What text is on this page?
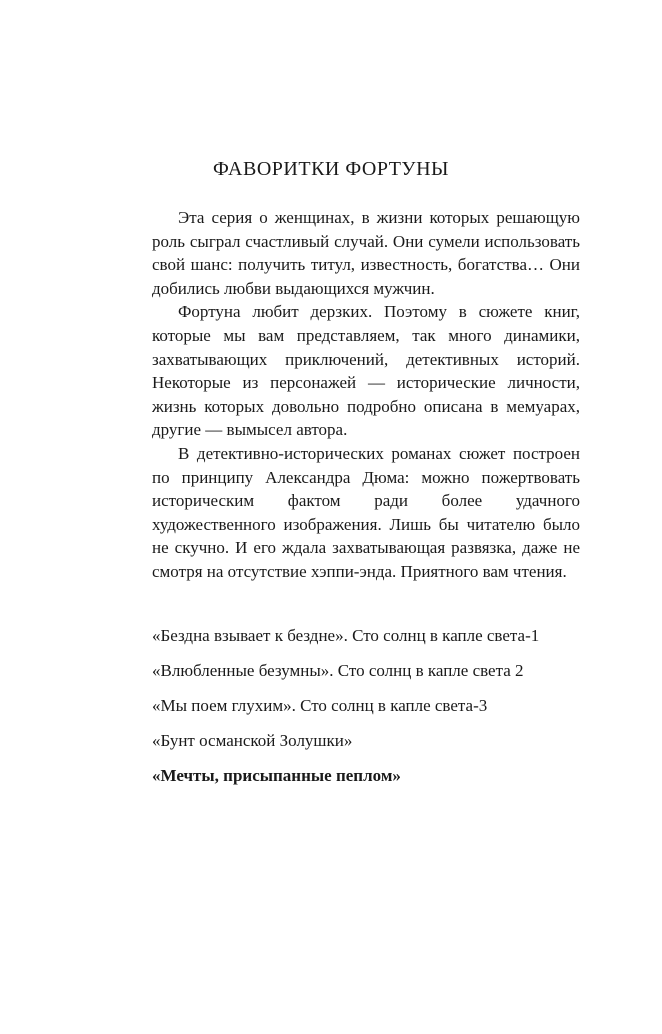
ФАВОРИТКИ ФОРТУНЫ

Эта серия о женщинах, в жизни которых решающую роль сыграл счастливый случай. Они сумели использовать свой шанс: получить титул, известность, богатства… Они добились любви выдающихся мужчин.

Фортуна любит дерзких. Поэтому в сюжете книг, которые мы вам представляем, так много динамики, захватывающих приключений, детективных историй. Некоторые из персонажей — исторические личности, жизнь которых довольно подробно описана в мемуарах, другие — вымысел автора.

В детективно-исторических романах сюжет построен по принципу Александра Дюма: можно пожертвовать историческим фактом ради более удачного художественного изображения. Лишь бы читателю было не скучно. И его ждала захватывающая развязка, даже не смотря на отсутствие хэппи-энда. Приятного вам чтения.

«Бездна взывает к бездне». Сто солнц в капле света-1
«Влюбленные безумны». Сто солнц в капле света 2
«Мы поем глухим». Сто солнц в капле света-3
«Бунт османской Золушки»
«Мечты, присыпанные пеплом»
